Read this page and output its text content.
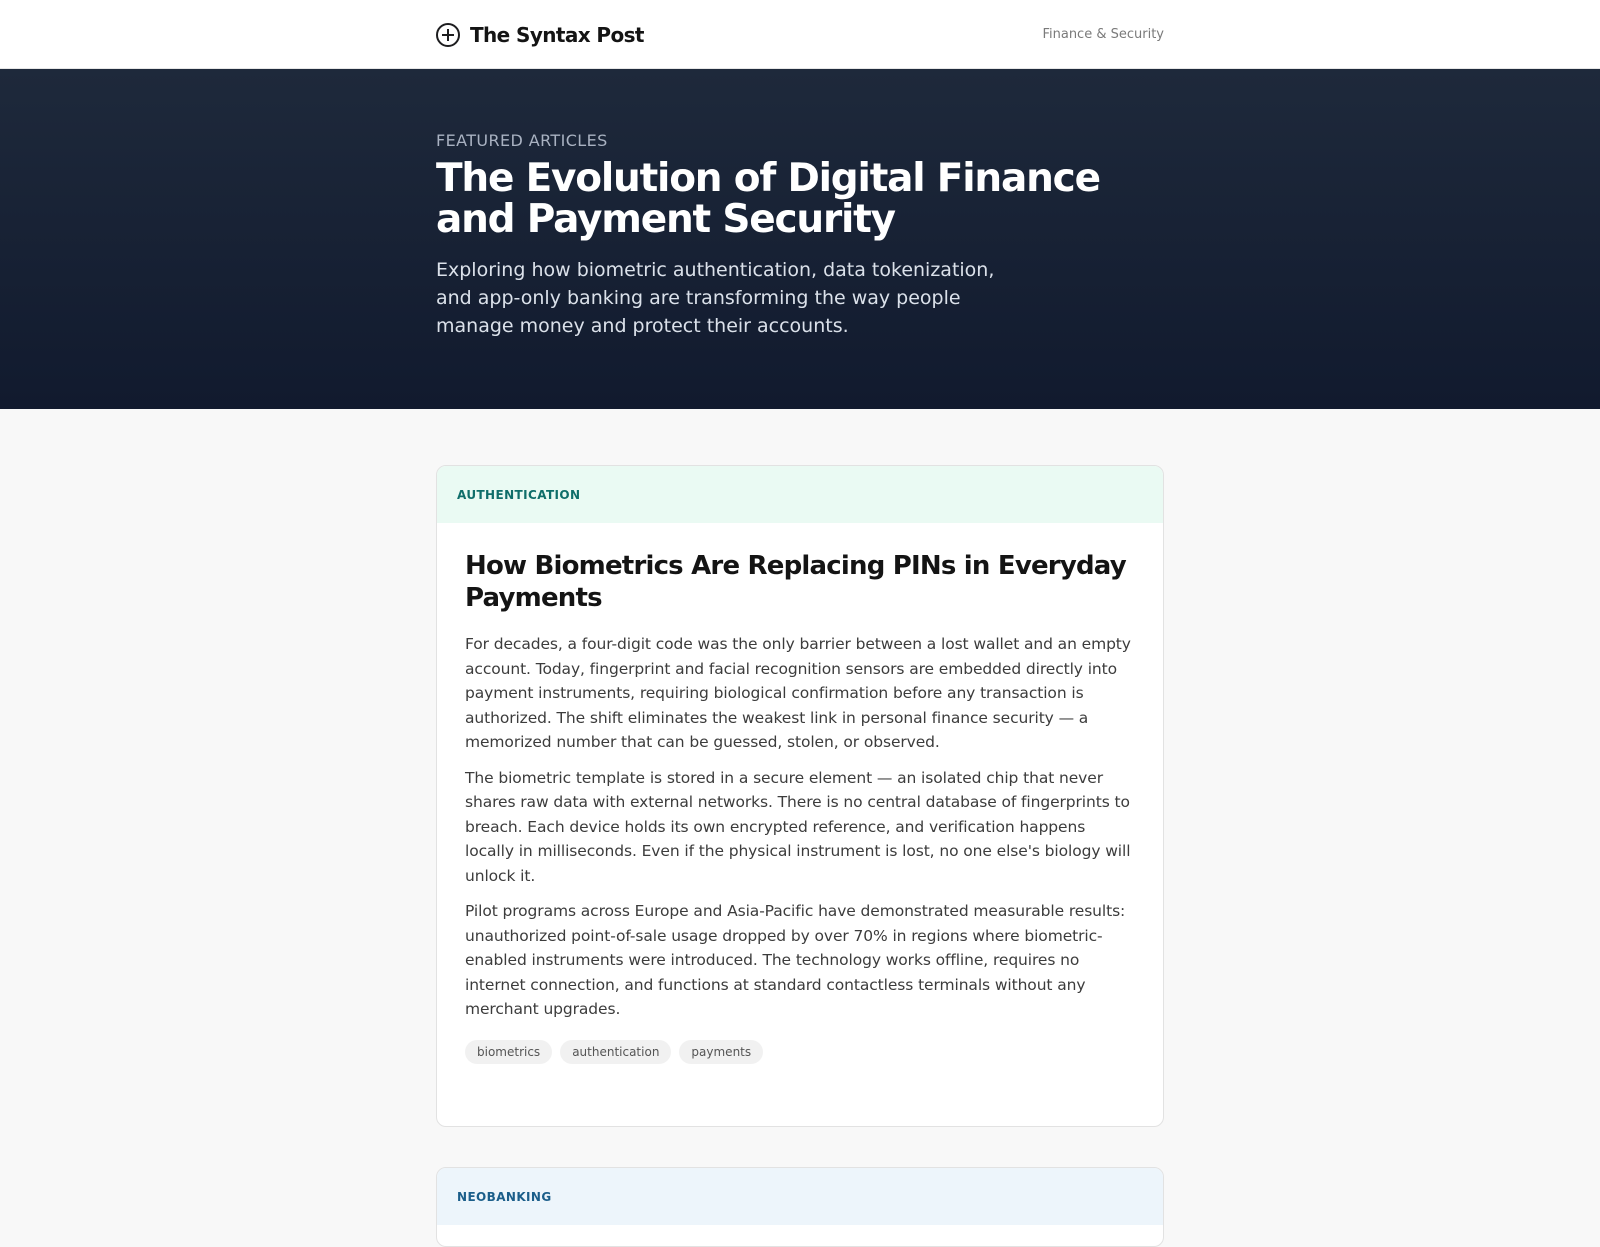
The Syntax Post	Finance & Security
FEATURED ARTICLES
The Evolution of Digital Finance and Payment Security

Exploring how biometric authentication, data tokenization, and app-only banking are transforming the way people manage money and protect their accounts.

AUTHENTICATION
How Biometrics Are Replacing PINs in Everyday Payments

For decades, a four-digit code was the only barrier between a lost wallet and an empty account. Today, fingerprint and facial recognition sensors are embedded directly into payment instruments, requiring biological confirmation before any transaction is authorized. The shift eliminates the weakest link in personal finance security — a memorized number that can be guessed, stolen, or observed.

The biometric template is stored in a secure element — an isolated chip that never shares raw data with external networks. There is no central database of fingerprints to breach. Each device holds its own encrypted reference, and verification happens locally in milliseconds. Even if the physical instrument is lost, no one else's biology will unlock it.

Pilot programs across Europe and Asia-Pacific have demonstrated measurable results: unauthorized point-of-sale usage dropped by over 70% in regions where biometric-enabled instruments were introduced. The technology works offline, requires no internet connection, and functions at standard contactless terminals without any merchant upgrades.

biometrics	authentication	payments
NEOBANKING
